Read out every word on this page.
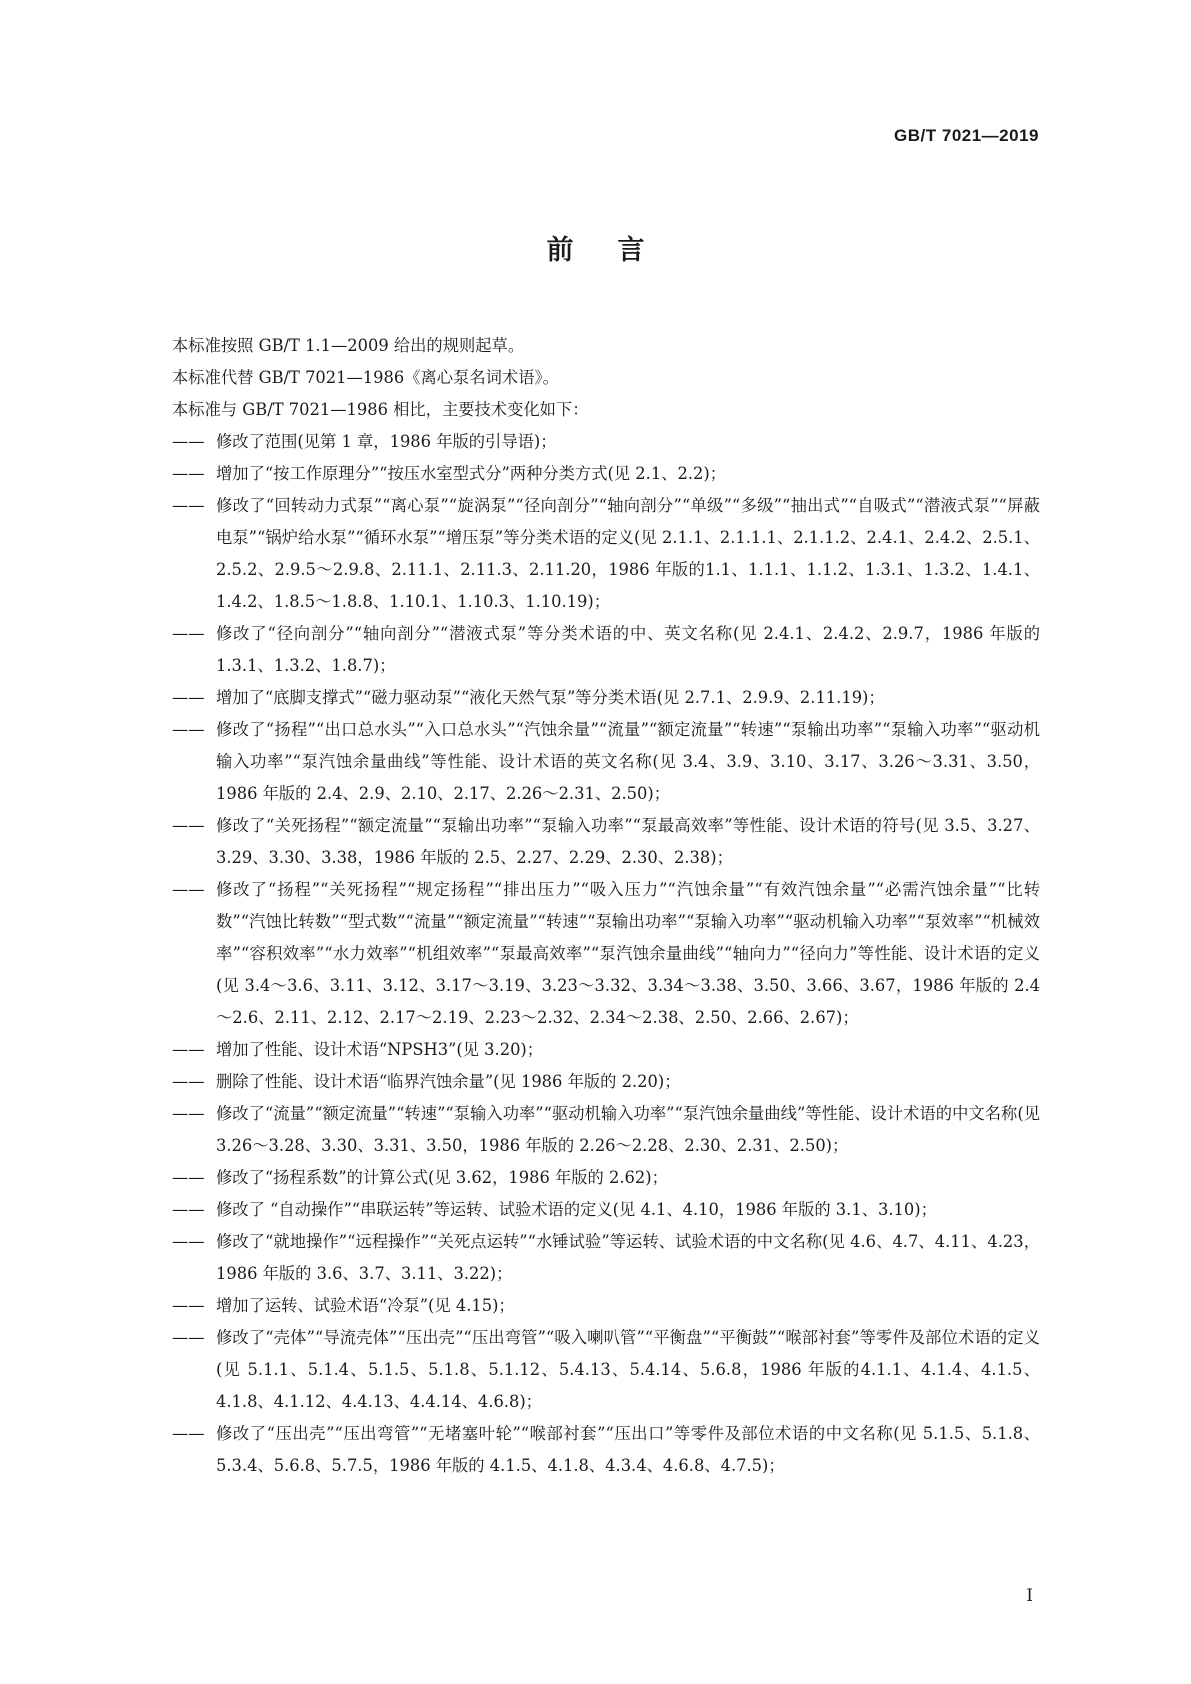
GB/T 7021—2019
前言

本标准按照 GB/T 1.1—2009 给出的规则起草。

本标准代替 GB/T 7021—1986《离心泵名词术语》。

本标准与 GB/T 7021—1986 相比，主要技术变化如下：

—— 修改了范围(见第 1 章，1986 年版的引导语)；
—— 增加了“按工作原理分”“按压水室型式分”两种分类方式(见 2.1、2.2)；
—— 修改了“回转动力式泵”“离心泵”“旋涡泵”“径向剖分”“轴向剖分”“单级”“多级”“抽出式”“自吸式”“潜液式泵”“屏蔽电泵”“锅炉给水泵”“循环水泵”“增压泵”等分类术语的定义(见 2.1.1、2.1.1.1、2.1.1.2、2.4.1、2.4.2、2.5.1、2.5.2、2.9.5～2.9.8、2.11.1、2.11.3、2.11.20，1986 年版的1.1、1.1.1、1.1.2、1.3.1、1.3.2、1.4.1、1.4.2、1.8.5～1.8.8、1.10.1、1.10.3、1.10.19)；
—— 修改了“径向剖分”“轴向剖分”“潜液式泵”等分类术语的中、英文名称(见 2.4.1、2.4.2、2.9.7，1986 年版的 1.3.1、1.3.2、1.8.7)；
—— 增加了“底脚支撑式”“磁力驱动泵”“液化天然气泵”等分类术语(见 2.7.1、2.9.9、2.11.19)；
—— 修改了“扬程”“出口总水头”“入口总水头”“汽蚀余量”“流量”“额定流量”“转速”“泵输出功率”“泵输入功率”“驱动机输入功率”“泵汽蚀余量曲线”等性能、设计术语的英文名称(见 3.4、3.9、3.10、3.17、3.26～3.31、3.50，1986 年版的 2.4、2.9、2.10、2.17、2.26～2.31、2.50)；
—— 修改了“关死扬程”“额定流量”“泵输出功率”“泵输入功率”“泵最高效率”等性能、设计术语的符号(见 3.5、3.27、3.29、3.30、3.38，1986 年版的 2.5、2.27、2.29、2.30、2.38)；
—— 修改了“扬程”“关死扬程”“规定扬程”“排出压力”“吸入压力”“汽蚀余量”“有效汽蚀余量”“必需汽蚀余量”“比转数”“汽蚀比转数”“型式数”“流量”“额定流量”“转速”“泵输出功率”“泵输入功率”“驱动机输入功率”“泵效率”“机械效率”“容积效率”“水力效率”“机组效率”“泵最高效率”“泵汽蚀余量曲线”“轴向力”“径向力”等性能、设计术语的定义(见 3.4～3.6、3.11、3.12、3.17～3.19、3.23～3.32、3.34～3.38、3.50、3.66、3.67，1986 年版的 2.4～2.6、2.11、2.12、2.17～2.19、2.23～2.32、2.34～2.38、2.50、2.66、2.67)；
—— 增加了性能、设计术语“NPSH3”(见 3.20)；
—— 删除了性能、设计术语“临界汽蚀余量”(见 1986 年版的 2.20)；
—— 修改了“流量”“额定流量”“转速”“泵输入功率”“驱动机输入功率”“泵汽蚀余量曲线”等性能、设计术语的中文名称(见 3.26～3.28、3.30、3.31、3.50，1986 年版的 2.26～2.28、2.30、2.31、2.50)；
—— 修改了“扬程系数”的计算公式(见 3.62，1986 年版的 2.62)；
—— 修改了 “自动操作”“串联运转”等运转、试验术语的定义(见 4.1、4.10，1986 年版的 3.1、3.10)；
—— 修改了“就地操作”“远程操作”“关死点运转”“水锤试验”等运转、试验术语的中文名称(见 4.6、4.7、4.11、4.23，1986 年版的 3.6、3.7、3.11、3.22)；
—— 增加了运转、试验术语“冷泵”(见 4.15)；
—— 修改了“壳体”“导流壳体”“压出壳”“压出弯管”“吸入喇叭管”“平衡盘”“平衡鼓”“喉部衬套”等零件及部位术语的定义(见 5.1.1、5.1.4、5.1.5、5.1.8、5.1.12、5.4.13、5.4.14、5.6.8，1986 年版的4.1.1、4.1.4、4.1.5、4.1.8、4.1.12、4.4.13、4.4.14、4.6.8)；
—— 修改了“压出壳”“压出弯管”“无堵塞叶轮”“喉部衬套”“压出口”等零件及部位术语的中文名称(见 5.1.5、5.1.8、5.3.4、5.6.8、5.7.5，1986 年版的 4.1.5、4.1.8、4.3.4、4.6.8、4.7.5)；
I
